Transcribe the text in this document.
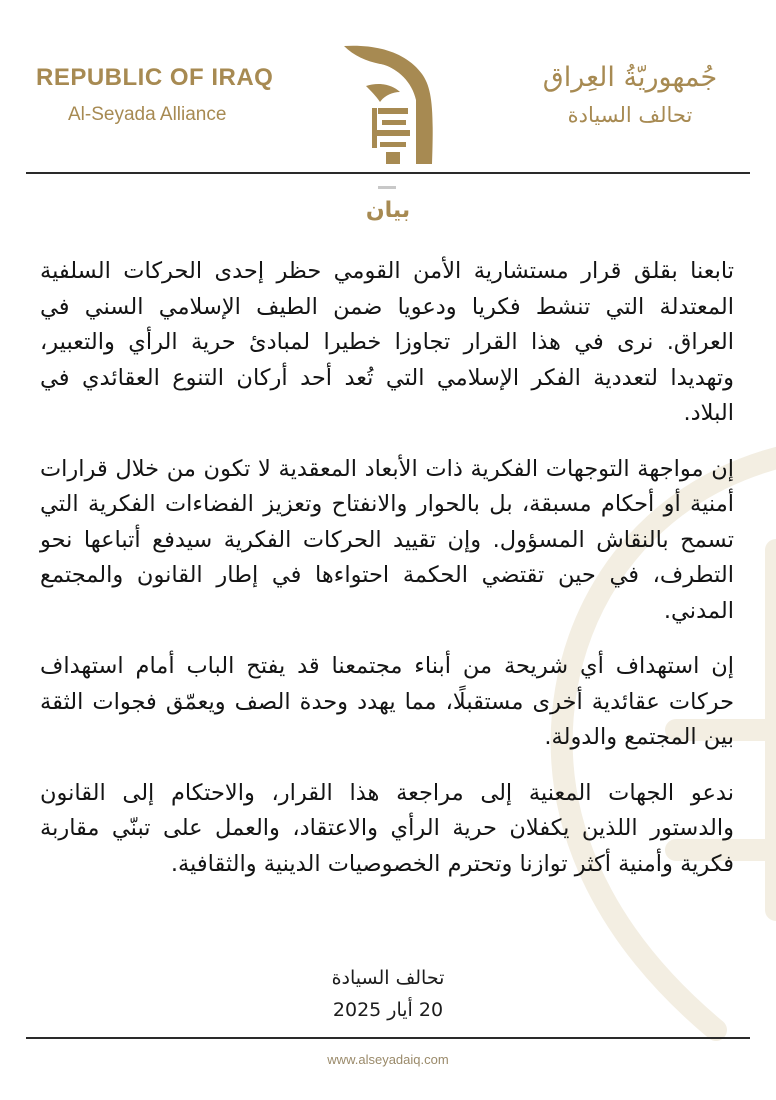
REPUBLIC OF IRAQ
Al-Seyada Alliance
جُمهوريّةُ العِراق
تحالف السيادة
بيان

تابعنا بقلق قرار مستشارية الأمن القومي حظر إحدى الحركات السلفية المعتدلة التي تنشط فكريا ودعويا ضمن الطيف الإسلامي السني في العراق. نرى في هذا القرار تجاوزا خطيرا لمبادئ حرية الرأي والتعبير، وتهديدا لتعددية الفكر الإسلامي التي تُعد أحد أركان التنوع العقائدي في البلاد.

إن مواجهة التوجهات الفكرية ذات الأبعاد المعقدية لا تكون من خلال قرارات أمنية أو أحكام مسبقة، بل بالحوار والانفتاح وتعزيز الفضاءات الفكرية التي تسمح بالنقاش المسؤول. وإن تقييد الحركات الفكرية سيدفع أتباعها نحو التطرف، في حين تقتضي الحكمة احتواءها في إطار القانون والمجتمع المدني.

إن استهداف أي شريحة من أبناء مجتمعنا قد يفتح الباب أمام استهداف حركات عقائدية أخرى مستقبلًا، مما يهدد وحدة الصف ويعمّق فجوات الثقة بين المجتمع والدولة.

ندعو الجهات المعنية إلى مراجعة هذا القرار، والاحتكام إلى القانون والدستور اللذين يكفلان حرية الرأي والاعتقاد، والعمل على تبنّي مقاربة فكرية وأمنية أكثر توازنا وتحترم الخصوصيات الدينية والثقافية.

تحالف السيادة
20 أيار 2025
www.alseyadaiq.com
